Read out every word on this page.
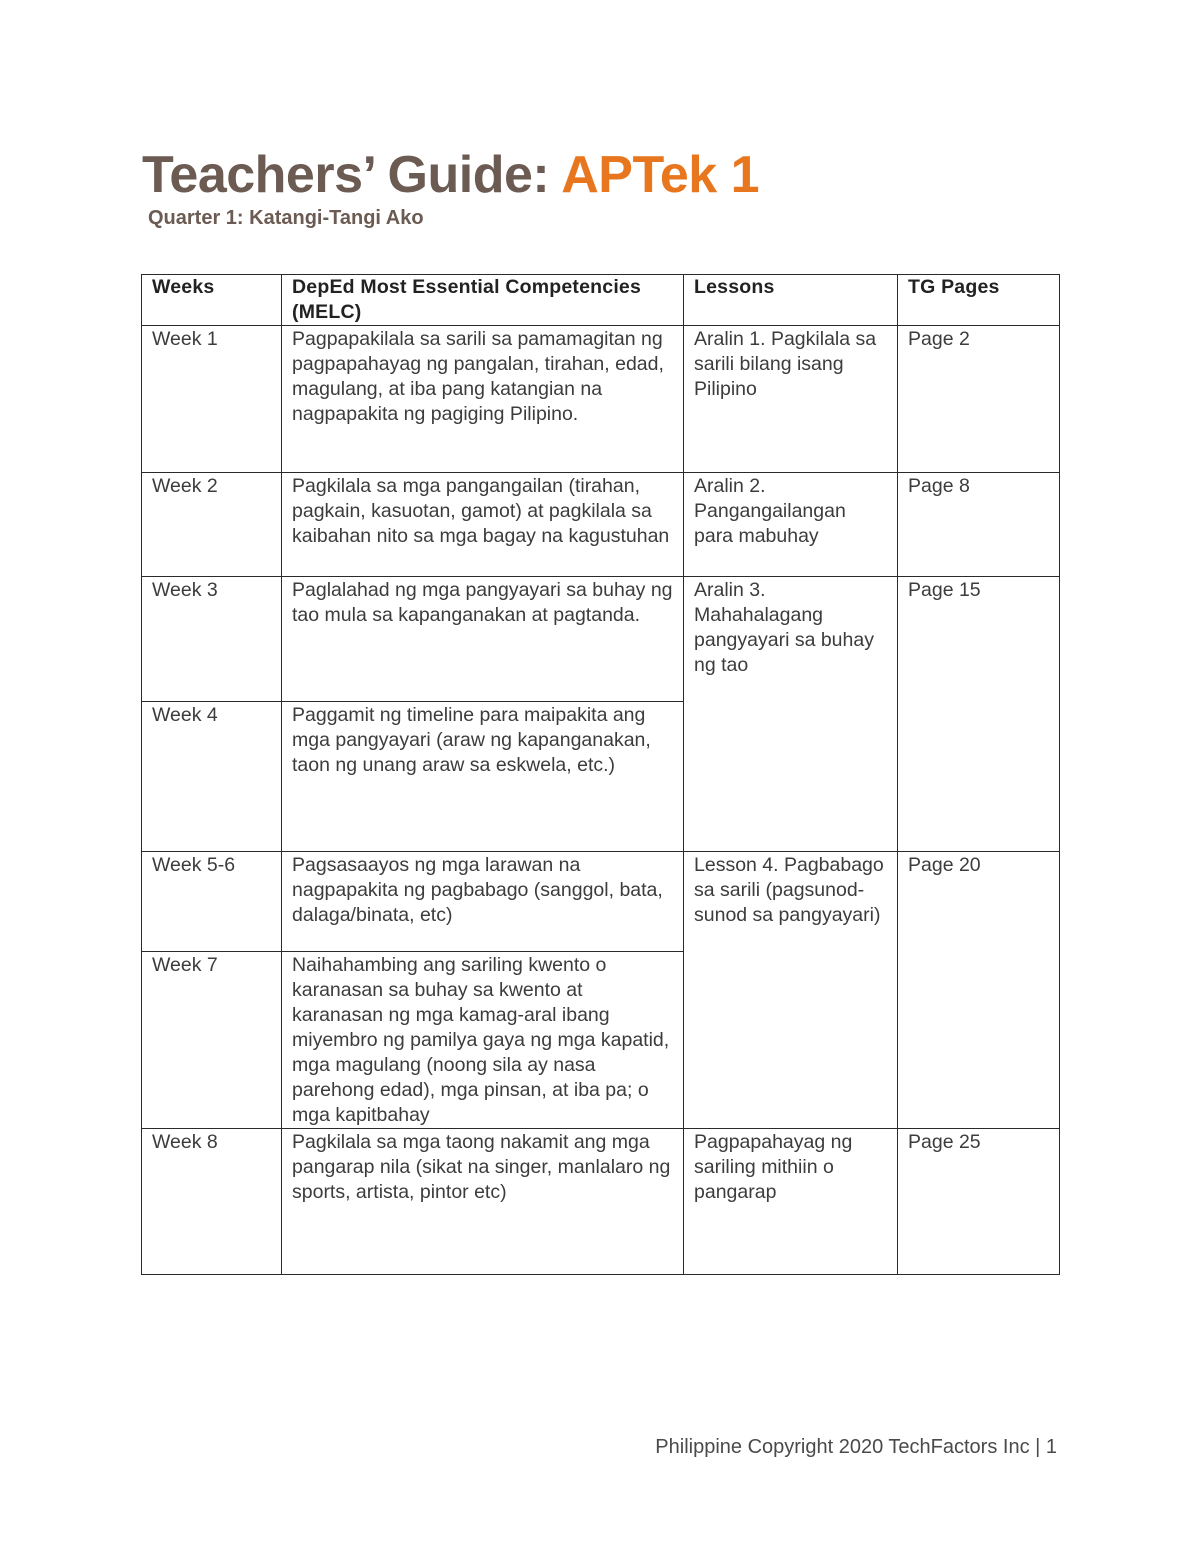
Teachers’ Guide: APTek 1
Quarter 1: Katangi-Tangi Ako
Weeks	DepEd Most Essential Competencies (MELC)	Lessons	TG Pages
Week 1	Pagpapakilala sa sarili sa pamamagitan ng pagpapahayag ng pangalan, tirahan, edad, magulang, at iba pang katangian na nagpapakita ng pagiging Pilipino.	Aralin 1. Pagkilala sa sarili bilang isang Pilipino	Page 2
Week 2	Pagkilala sa mga pangangailan (tirahan, pagkain, kasuotan, gamot) at pagkilala sa kaibahan nito sa mga bagay na kagustuhan	Aralin 2. Pangangailangan para mabuhay	Page 8
Week 3	Paglalahad ng mga pangyayari sa buhay ng tao mula sa kapanganakan at pagtanda.	Aralin 3. Mahahalagang pangyayari sa buhay ng tao	Page 15
Week 4	Paggamit ng timeline para maipakita ang mga pangyayari (araw ng kapanganakan, taon ng unang araw sa eskwela, etc.)		
Week 5-6	Pagsasaayos ng mga larawan na nagpapakita ng pagbabago (sanggol, bata, dalaga/binata, etc)	Lesson 4. Pagbabago sa sarili (pagsunod-sunod sa pangyayari)	Page 20
Week 7	Naihahambing ang sariling kwento o karanasan sa buhay sa kwento at karanasan ng mga kamag-aral ibang miyembro ng pamilya gaya ng mga kapatid, mga magulang (noong sila ay nasa parehong edad), mga pinsan, at iba pa; o mga kapitbahay		
Week 8	Pagkilala sa mga taong nakamit ang mga pangarap nila (sikat na singer, manlalaro ng sports, artista, pintor etc)	Pagpapahayag ng sariling mithiin o pangarap	Page 25

Philippine Copyright 2020 TechFactors Inc | 1
